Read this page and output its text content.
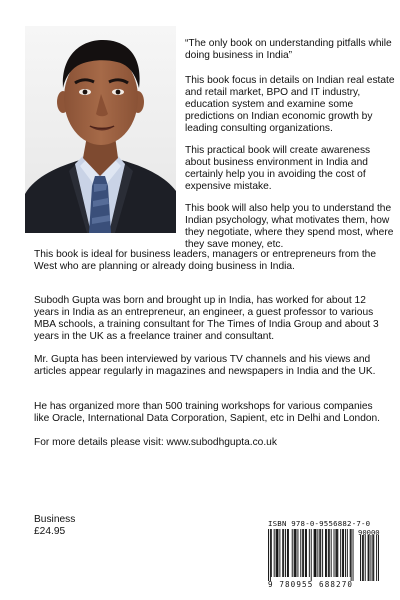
“The only book on understanding pitfalls while doing business in India”

This book focus in details on Indian real estate and retail market, BPO and IT industry, education system and examine some predictions on Indian economic growth by leading consulting organizations.

This practical book will create awareness about business environment in India and certainly help you in avoiding the cost of expensive mistake.

This book will also help you to understand the Indian psychology, what motivates them, how they negotiate, where they spend most, where they save money, etc.

This book is ideal for business leaders, managers or entrepreneurs from the West who are planning or already doing business in India.

Subodh Gupta was born and brought up in India, has worked for about 12 years in India as an entrepreneur, an engineer, a guest professor to various MBA schools, a training consultant for The Times of India Group and about 3 years in the UK as a freelance trainer and consultant.

Mr. Gupta has been interviewed by various TV channels and his views and articles appear regularly in magazines and newspapers in India and the UK.

He has organized more than 500 training workshops for various companies like Oracle, International Data Corporation, Sapient, etc in Delhi and London.

For more details please visit: www.subodhgupta.co.uk

Business
£24.95
ISBN 978-0-9556882-7-0
90000
9 780955 688270
